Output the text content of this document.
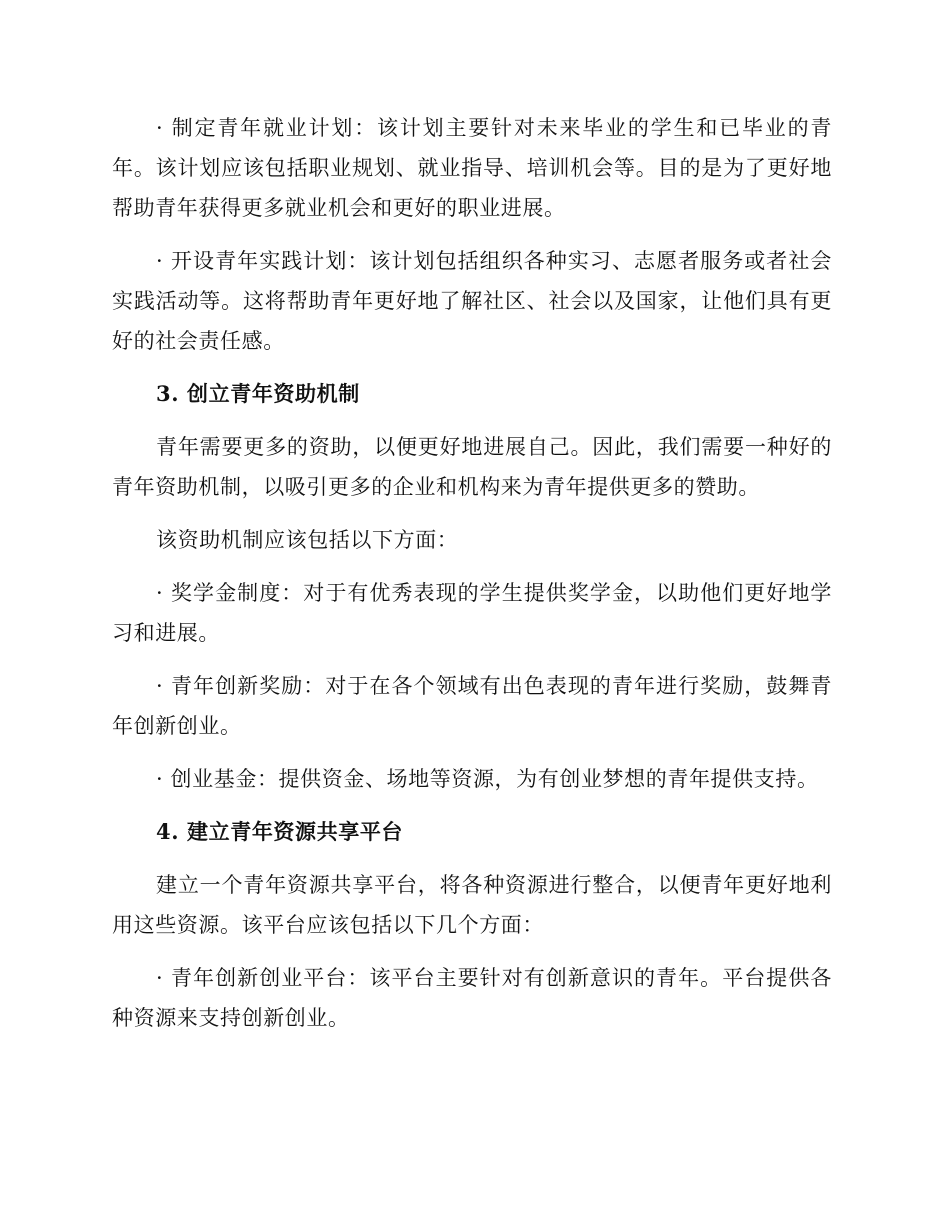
· 制定青年就业计划：该计划主要针对未来毕业的学生和已毕业的青年。该计划应该包括职业规划、就业指导、培训机会等。目的是为了更好地帮助青年获得更多就业机会和更好的职业进展。

· 开设青年实践计划：该计划包括组织各种实习、志愿者服务或者社会实践活动等。这将帮助青年更好地了解社区、社会以及国家，让他们具有更好的社会责任感。

3. 创立青年资助机制

青年需要更多的资助，以便更好地进展自己。因此，我们需要一种好的青年资助机制，以吸引更多的企业和机构来为青年提供更多的赞助。

该资助机制应该包括以下方面：

· 奖学金制度：对于有优秀表现的学生提供奖学金，以助他们更好地学习和进展。

· 青年创新奖励：对于在各个领域有出色表现的青年进行奖励，鼓舞青年创新创业。

· 创业基金：提供资金、场地等资源，为有创业梦想的青年提供支持。

4. 建立青年资源共享平台

建立一个青年资源共享平台，将各种资源进行整合，以便青年更好地利用这些资源。该平台应该包括以下几个方面：

· 青年创新创业平台：该平台主要针对有创新意识的青年。平台提供各种资源来支持创新创业。
